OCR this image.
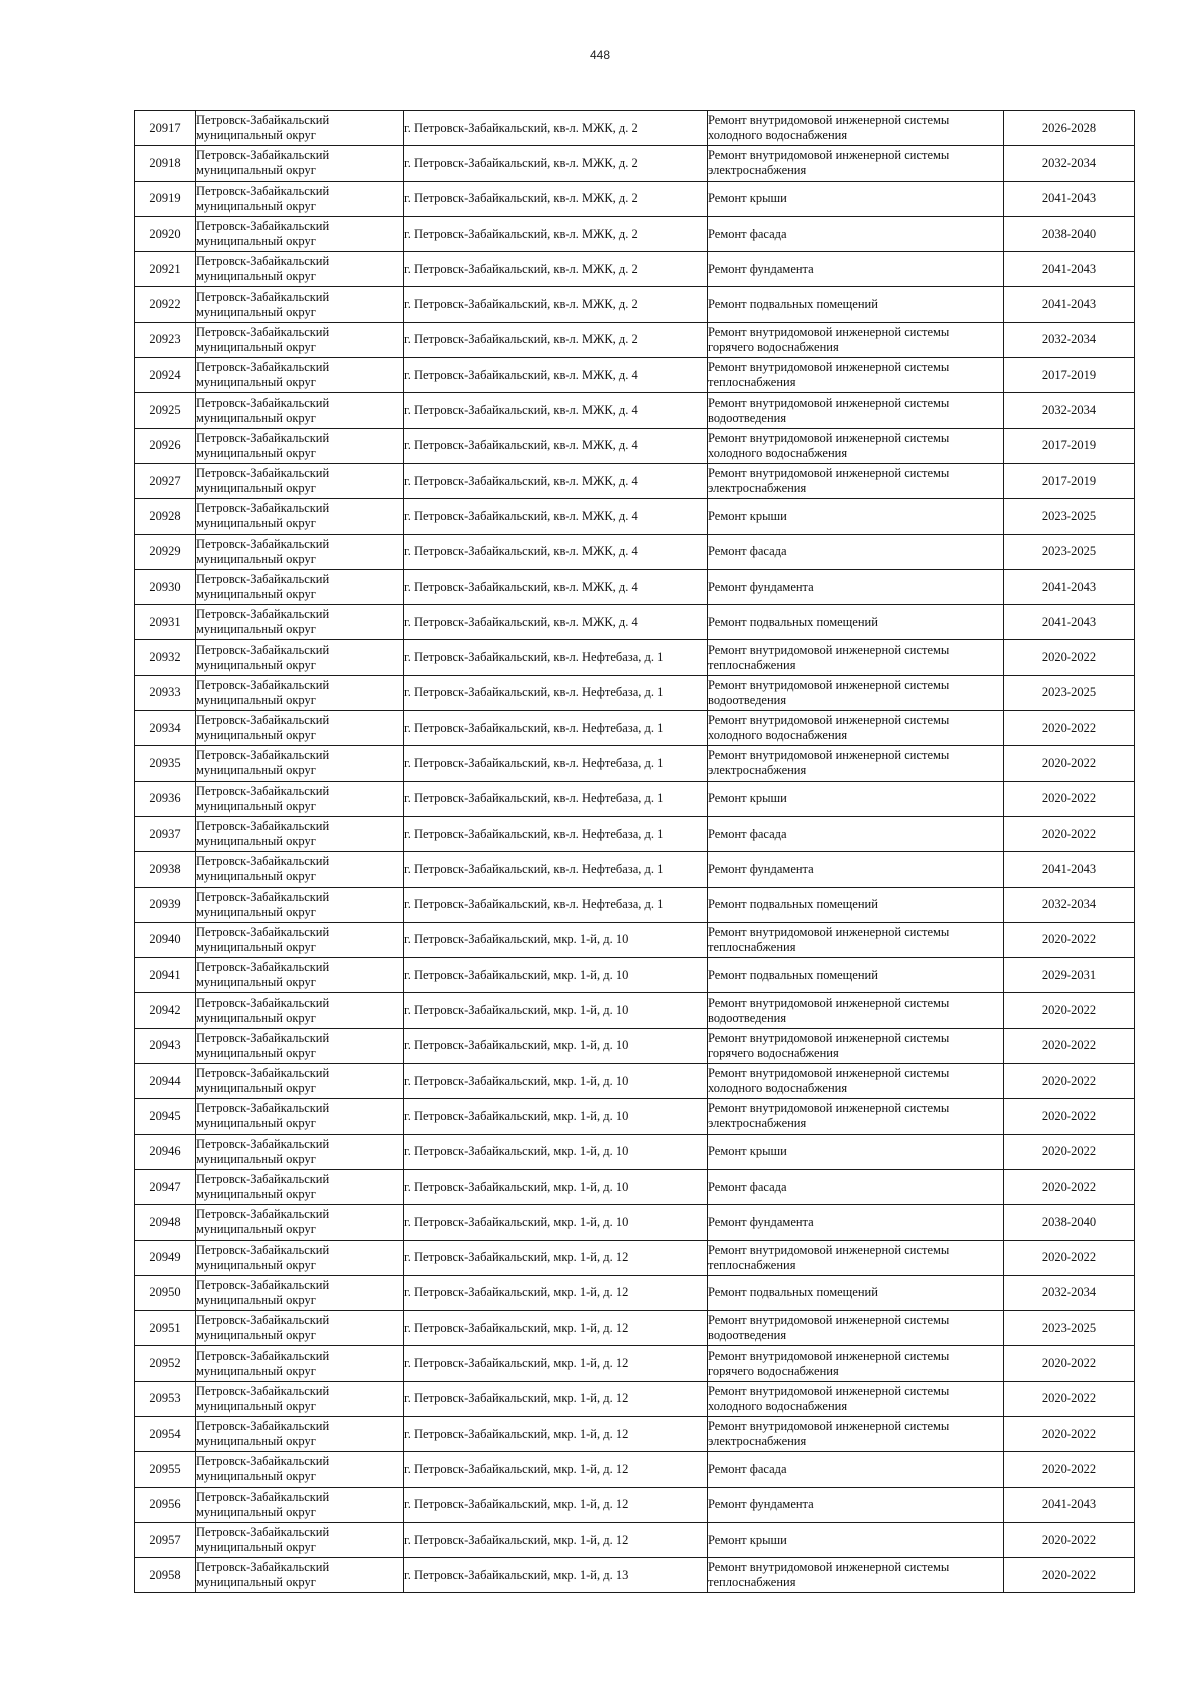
448
20917	Петровск-Забайкальский
муниципальный округ	г. Петровск-Забайкальский, кв-л. МЖК, д. 2	Ремонт внутридомовой инженерной системы
холодного водоснабжения	2026-2028
20918	Петровск-Забайкальский
муниципальный округ	г. Петровск-Забайкальский, кв-л. МЖК, д. 2	Ремонт внутридомовой инженерной системы
электроснабжения	2032-2034
20919	Петровск-Забайкальский
муниципальный округ	г. Петровск-Забайкальский, кв-л. МЖК, д. 2	Ремонт крыши	2041-2043
20920	Петровск-Забайкальский
муниципальный округ	г. Петровск-Забайкальский, кв-л. МЖК, д. 2	Ремонт фасада	2038-2040
20921	Петровск-Забайкальский
муниципальный округ	г. Петровск-Забайкальский, кв-л. МЖК, д. 2	Ремонт фундамента	2041-2043
20922	Петровск-Забайкальский
муниципальный округ	г. Петровск-Забайкальский, кв-л. МЖК, д. 2	Ремонт подвальных помещений	2041-2043
20923	Петровск-Забайкальский
муниципальный округ	г. Петровск-Забайкальский, кв-л. МЖК, д. 2	Ремонт внутридомовой инженерной системы
горячего водоснабжения	2032-2034
20924	Петровск-Забайкальский
муниципальный округ	г. Петровск-Забайкальский, кв-л. МЖК, д. 4	Ремонт внутридомовой инженерной системы
теплоснабжения	2017-2019
20925	Петровск-Забайкальский
муниципальный округ	г. Петровск-Забайкальский, кв-л. МЖК, д. 4	Ремонт внутридомовой инженерной системы
водоотведения	2032-2034
20926	Петровск-Забайкальский
муниципальный округ	г. Петровск-Забайкальский, кв-л. МЖК, д. 4	Ремонт внутридомовой инженерной системы
холодного водоснабжения	2017-2019
20927	Петровск-Забайкальский
муниципальный округ	г. Петровск-Забайкальский, кв-л. МЖК, д. 4	Ремонт внутридомовой инженерной системы
электроснабжения	2017-2019
20928	Петровск-Забайкальский
муниципальный округ	г. Петровск-Забайкальский, кв-л. МЖК, д. 4	Ремонт крыши	2023-2025
20929	Петровск-Забайкальский
муниципальный округ	г. Петровск-Забайкальский, кв-л. МЖК, д. 4	Ремонт фасада	2023-2025
20930	Петровск-Забайкальский
муниципальный округ	г. Петровск-Забайкальский, кв-л. МЖК, д. 4	Ремонт фундамента	2041-2043
20931	Петровск-Забайкальский
муниципальный округ	г. Петровск-Забайкальский, кв-л. МЖК, д. 4	Ремонт подвальных помещений	2041-2043
20932	Петровск-Забайкальский
муниципальный округ	г. Петровск-Забайкальский, кв-л. Нефтебаза, д. 1	Ремонт внутридомовой инженерной системы
теплоснабжения	2020-2022
20933	Петровск-Забайкальский
муниципальный округ	г. Петровск-Забайкальский, кв-л. Нефтебаза, д. 1	Ремонт внутридомовой инженерной системы
водоотведения	2023-2025
20934	Петровск-Забайкальский
муниципальный округ	г. Петровск-Забайкальский, кв-л. Нефтебаза, д. 1	Ремонт внутридомовой инженерной системы
холодного водоснабжения	2020-2022
20935	Петровск-Забайкальский
муниципальный округ	г. Петровск-Забайкальский, кв-л. Нефтебаза, д. 1	Ремонт внутридомовой инженерной системы
электроснабжения	2020-2022
20936	Петровск-Забайкальский
муниципальный округ	г. Петровск-Забайкальский, кв-л. Нефтебаза, д. 1	Ремонт крыши	2020-2022
20937	Петровск-Забайкальский
муниципальный округ	г. Петровск-Забайкальский, кв-л. Нефтебаза, д. 1	Ремонт фасада	2020-2022
20938	Петровск-Забайкальский
муниципальный округ	г. Петровск-Забайкальский, кв-л. Нефтебаза, д. 1	Ремонт фундамента	2041-2043
20939	Петровск-Забайкальский
муниципальный округ	г. Петровск-Забайкальский, кв-л. Нефтебаза, д. 1	Ремонт подвальных помещений	2032-2034
20940	Петровск-Забайкальский
муниципальный округ	г. Петровск-Забайкальский, мкр. 1-й, д. 10	Ремонт внутридомовой инженерной системы
теплоснабжения	2020-2022
20941	Петровск-Забайкальский
муниципальный округ	г. Петровск-Забайкальский, мкр. 1-й, д. 10	Ремонт подвальных помещений	2029-2031
20942	Петровск-Забайкальский
муниципальный округ	г. Петровск-Забайкальский, мкр. 1-й, д. 10	Ремонт внутридомовой инженерной системы
водоотведения	2020-2022
20943	Петровск-Забайкальский
муниципальный округ	г. Петровск-Забайкальский, мкр. 1-й, д. 10	Ремонт внутридомовой инженерной системы
горячего водоснабжения	2020-2022
20944	Петровск-Забайкальский
муниципальный округ	г. Петровск-Забайкальский, мкр. 1-й, д. 10	Ремонт внутридомовой инженерной системы
холодного водоснабжения	2020-2022
20945	Петровск-Забайкальский
муниципальный округ	г. Петровск-Забайкальский, мкр. 1-й, д. 10	Ремонт внутридомовой инженерной системы
электроснабжения	2020-2022
20946	Петровск-Забайкальский
муниципальный округ	г. Петровск-Забайкальский, мкр. 1-й, д. 10	Ремонт крыши	2020-2022
20947	Петровск-Забайкальский
муниципальный округ	г. Петровск-Забайкальский, мкр. 1-й, д. 10	Ремонт фасада	2020-2022
20948	Петровск-Забайкальский
муниципальный округ	г. Петровск-Забайкальский, мкр. 1-й, д. 10	Ремонт фундамента	2038-2040
20949	Петровск-Забайкальский
муниципальный округ	г. Петровск-Забайкальский, мкр. 1-й, д. 12	Ремонт внутридомовой инженерной системы
теплоснабжения	2020-2022
20950	Петровск-Забайкальский
муниципальный округ	г. Петровск-Забайкальский, мкр. 1-й, д. 12	Ремонт подвальных помещений	2032-2034
20951	Петровск-Забайкальский
муниципальный округ	г. Петровск-Забайкальский, мкр. 1-й, д. 12	Ремонт внутридомовой инженерной системы
водоотведения	2023-2025
20952	Петровск-Забайкальский
муниципальный округ	г. Петровск-Забайкальский, мкр. 1-й, д. 12	Ремонт внутридомовой инженерной системы
горячего водоснабжения	2020-2022
20953	Петровск-Забайкальский
муниципальный округ	г. Петровск-Забайкальский, мкр. 1-й, д. 12	Ремонт внутридомовой инженерной системы
холодного водоснабжения	2020-2022
20954	Петровск-Забайкальский
муниципальный округ	г. Петровск-Забайкальский, мкр. 1-й, д. 12	Ремонт внутридомовой инженерной системы
электроснабжения	2020-2022
20955	Петровск-Забайкальский
муниципальный округ	г. Петровск-Забайкальский, мкр. 1-й, д. 12	Ремонт фасада	2020-2022
20956	Петровск-Забайкальский
муниципальный округ	г. Петровск-Забайкальский, мкр. 1-й, д. 12	Ремонт фундамента	2041-2043
20957	Петровск-Забайкальский
муниципальный округ	г. Петровск-Забайкальский, мкр. 1-й, д. 12	Ремонт крыши	2020-2022
20958	Петровск-Забайкальский
муниципальный округ	г. Петровск-Забайкальский, мкр. 1-й, д. 13	Ремонт внутридомовой инженерной системы
теплоснабжения	2020-2022
